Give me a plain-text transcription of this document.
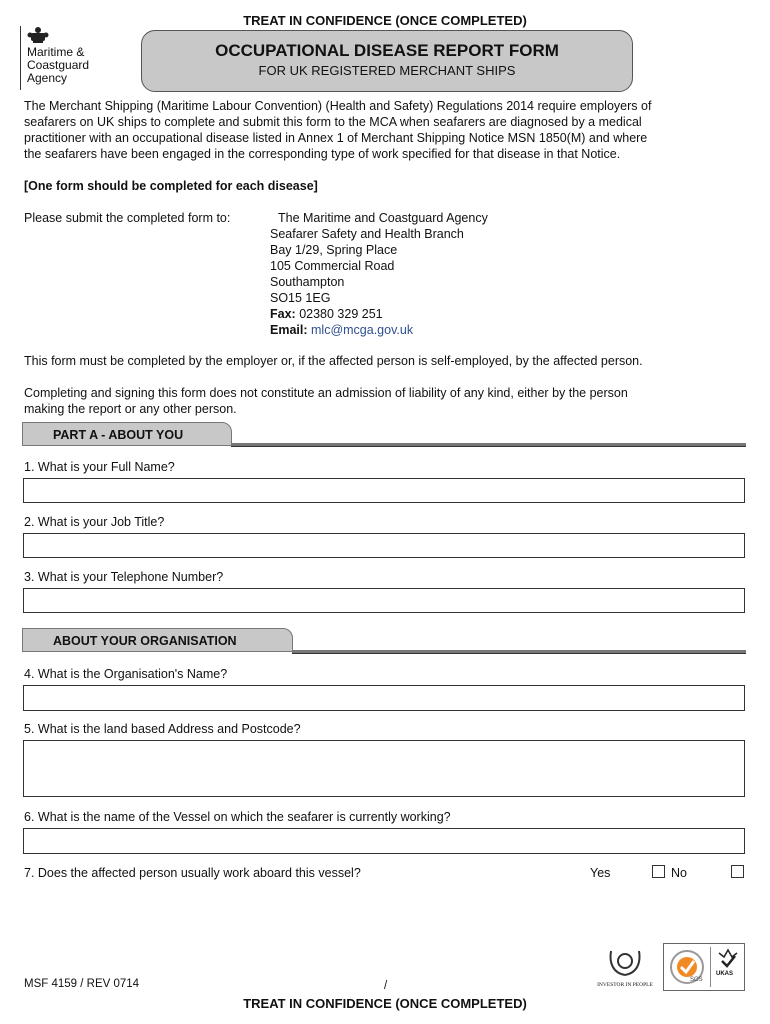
TREAT IN CONFIDENCE (ONCE COMPLETED)
Maritime &
Coastguard
Agency
OCCUPATIONAL DISEASE REPORT FORM
FOR UK REGISTERED MERCHANT SHIPS
The Merchant Shipping (Maritime Labour Convention) (Health and Safety) Regulations 2014 require employers of
seafarers on UK ships to complete and submit this form to the MCA when seafarers are diagnosed by a medical
practitioner with an occupational disease listed in Annex 1 of Merchant Shipping Notice MSN 1850(M) and where
the seafarers have been engaged in the corresponding type of work specified for that disease in that Notice.
[One form should be completed for each disease]
Please submit the completed form to:	The Maritime and Coastguard Agency
Seafarer Safety and Health Branch
Bay 1/29, Spring Place
105 Commercial Road
Southampton
SO15 1EG
Fax: 02380 329 251
Email: mlc@mcga.gov.uk
This form must be completed by the employer or, if the affected person is self-employed, by the affected person.
Completing and signing this form does not constitute an admission of liability of any kind, either by the person
making the report or any other person.
PART A - ABOUT YOU
1. What is your Full Name?
2. What is your Job Title?
3. What is your Telephone Number?
ABOUT YOUR ORGANISATION
4. What is the Organisation's Name?
5. What is the land based Address and Postcode?
6. What is the name of the Vessel on which the seafarer is currently working?
7. Does the affected person usually work aboard this vessel?	Yes	No
INVESTOR IN PEOPLE
SGS
UKAS
MSF 4159 / REV 0714	/
TREAT IN CONFIDENCE (ONCE COMPLETED)
